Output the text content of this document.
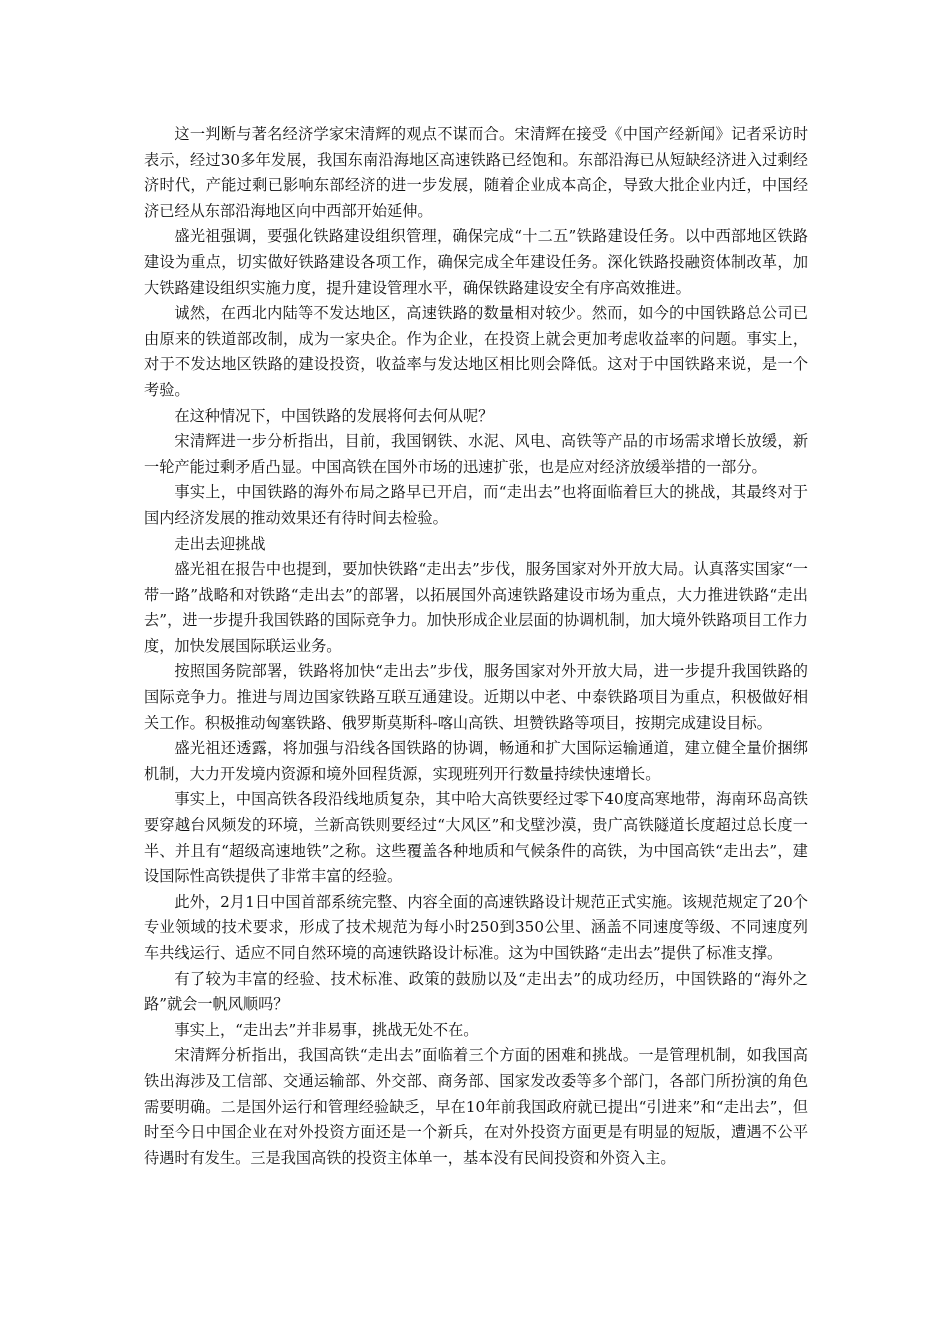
这一判断与著名经济学家宋清辉的观点不谋而合。宋清辉在接受《中国产经新闻》记者采访时表示，经过30多年发展，我国东南沿海地区高速铁路已经饱和。东部沿海已从短缺经济进入过剩经济时代，产能过剩已影响东部经济的进一步发展，随着企业成本高企，导致大批企业内迁，中国经济已经从东部沿海地区向中西部开始延伸。

盛光祖强调，要强化铁路建设组织管理，确保完成“十二五”铁路建设任务。以中西部地区铁路建设为重点，切实做好铁路建设各项工作，确保完成全年建设任务。深化铁路投融资体制改革，加大铁路建设组织实施力度，提升建设管理水平，确保铁路建设安全有序高效推进。

诚然，在西北内陆等不发达地区，高速铁路的数量相对较少。然而，如今的中国铁路总公司已由原来的铁道部改制，成为一家央企。作为企业，在投资上就会更加考虑收益率的问题。事实上，对于不发达地区铁路的建设投资，收益率与发达地区相比则会降低。这对于中国铁路来说，是一个考验。

在这种情况下，中国铁路的发展将何去何从呢？

宋清辉进一步分析指出，目前，我国钢铁、水泥、风电、高铁等产品的市场需求增长放缓，新一轮产能过剩矛盾凸显。中国高铁在国外市场的迅速扩张，也是应对经济放缓举措的一部分。

事实上，中国铁路的海外布局之路早已开启，而“走出去”也将面临着巨大的挑战，其最终对于国内经济发展的推动效果还有待时间去检验。

走出去迎挑战

盛光祖在报告中也提到，要加快铁路“走出去”步伐，服务国家对外开放大局。认真落实国家“一带一路”战略和对铁路“走出去”的部署，以拓展国外高速铁路建设市场为重点，大力推进铁路“走出去”，进一步提升我国铁路的国际竞争力。加快形成企业层面的协调机制，加大境外铁路项目工作力度，加快发展国际联运业务。

按照国务院部署，铁路将加快“走出去”步伐，服务国家对外开放大局，进一步提升我国铁路的国际竞争力。推进与周边国家铁路互联互通建设。近期以中老、中泰铁路项目为重点，积极做好相关工作。积极推动匈塞铁路、俄罗斯莫斯科-喀山高铁、坦赞铁路等项目，按期完成建设目标。

盛光祖还透露，将加强与沿线各国铁路的协调，畅通和扩大国际运输通道，建立健全量价捆绑机制，大力开发境内资源和境外回程货源，实现班列开行数量持续快速增长。

事实上，中国高铁各段沿线地质复杂，其中哈大高铁要经过零下40度高寒地带，海南环岛高铁要穿越台风频发的环境，兰新高铁则要经过“大风区”和戈壁沙漠，贵广高铁隧道长度超过总长度一半、并且有“超级高速地铁”之称。这些覆盖各种地质和气候条件的高铁，为中国高铁“走出去”，建设国际性高铁提供了非常丰富的经验。

此外，2月1日中国首部系统完整、内容全面的高速铁路设计规范正式实施。该规范规定了20个专业领域的技术要求，形成了技术规范为每小时250到350公里、涵盖不同速度等级、不同速度列车共线运行、适应不同自然环境的高速铁路设计标准。这为中国铁路“走出去”提供了标准支撑。

有了较为丰富的经验、技术标准、政策的鼓励以及“走出去”的成功经历，中国铁路的“海外之路”就会一帆风顺吗？

事实上，“走出去”并非易事，挑战无处不在。

宋清辉分析指出，我国高铁“走出去”面临着三个方面的困难和挑战。一是管理机制，如我国高铁出海涉及工信部、交通运输部、外交部、商务部、国家发改委等多个部门，各部门所扮演的角色需要明确。二是国外运行和管理经验缺乏，早在10年前我国政府就已提出“引进来”和“走出去”，但时至今日中国企业在对外投资方面还是一个新兵，在对外投资方面更是有明显的短版，遭遇不公平待遇时有发生。三是我国高铁的投资主体单一，基本没有民间投资和外资入主。
